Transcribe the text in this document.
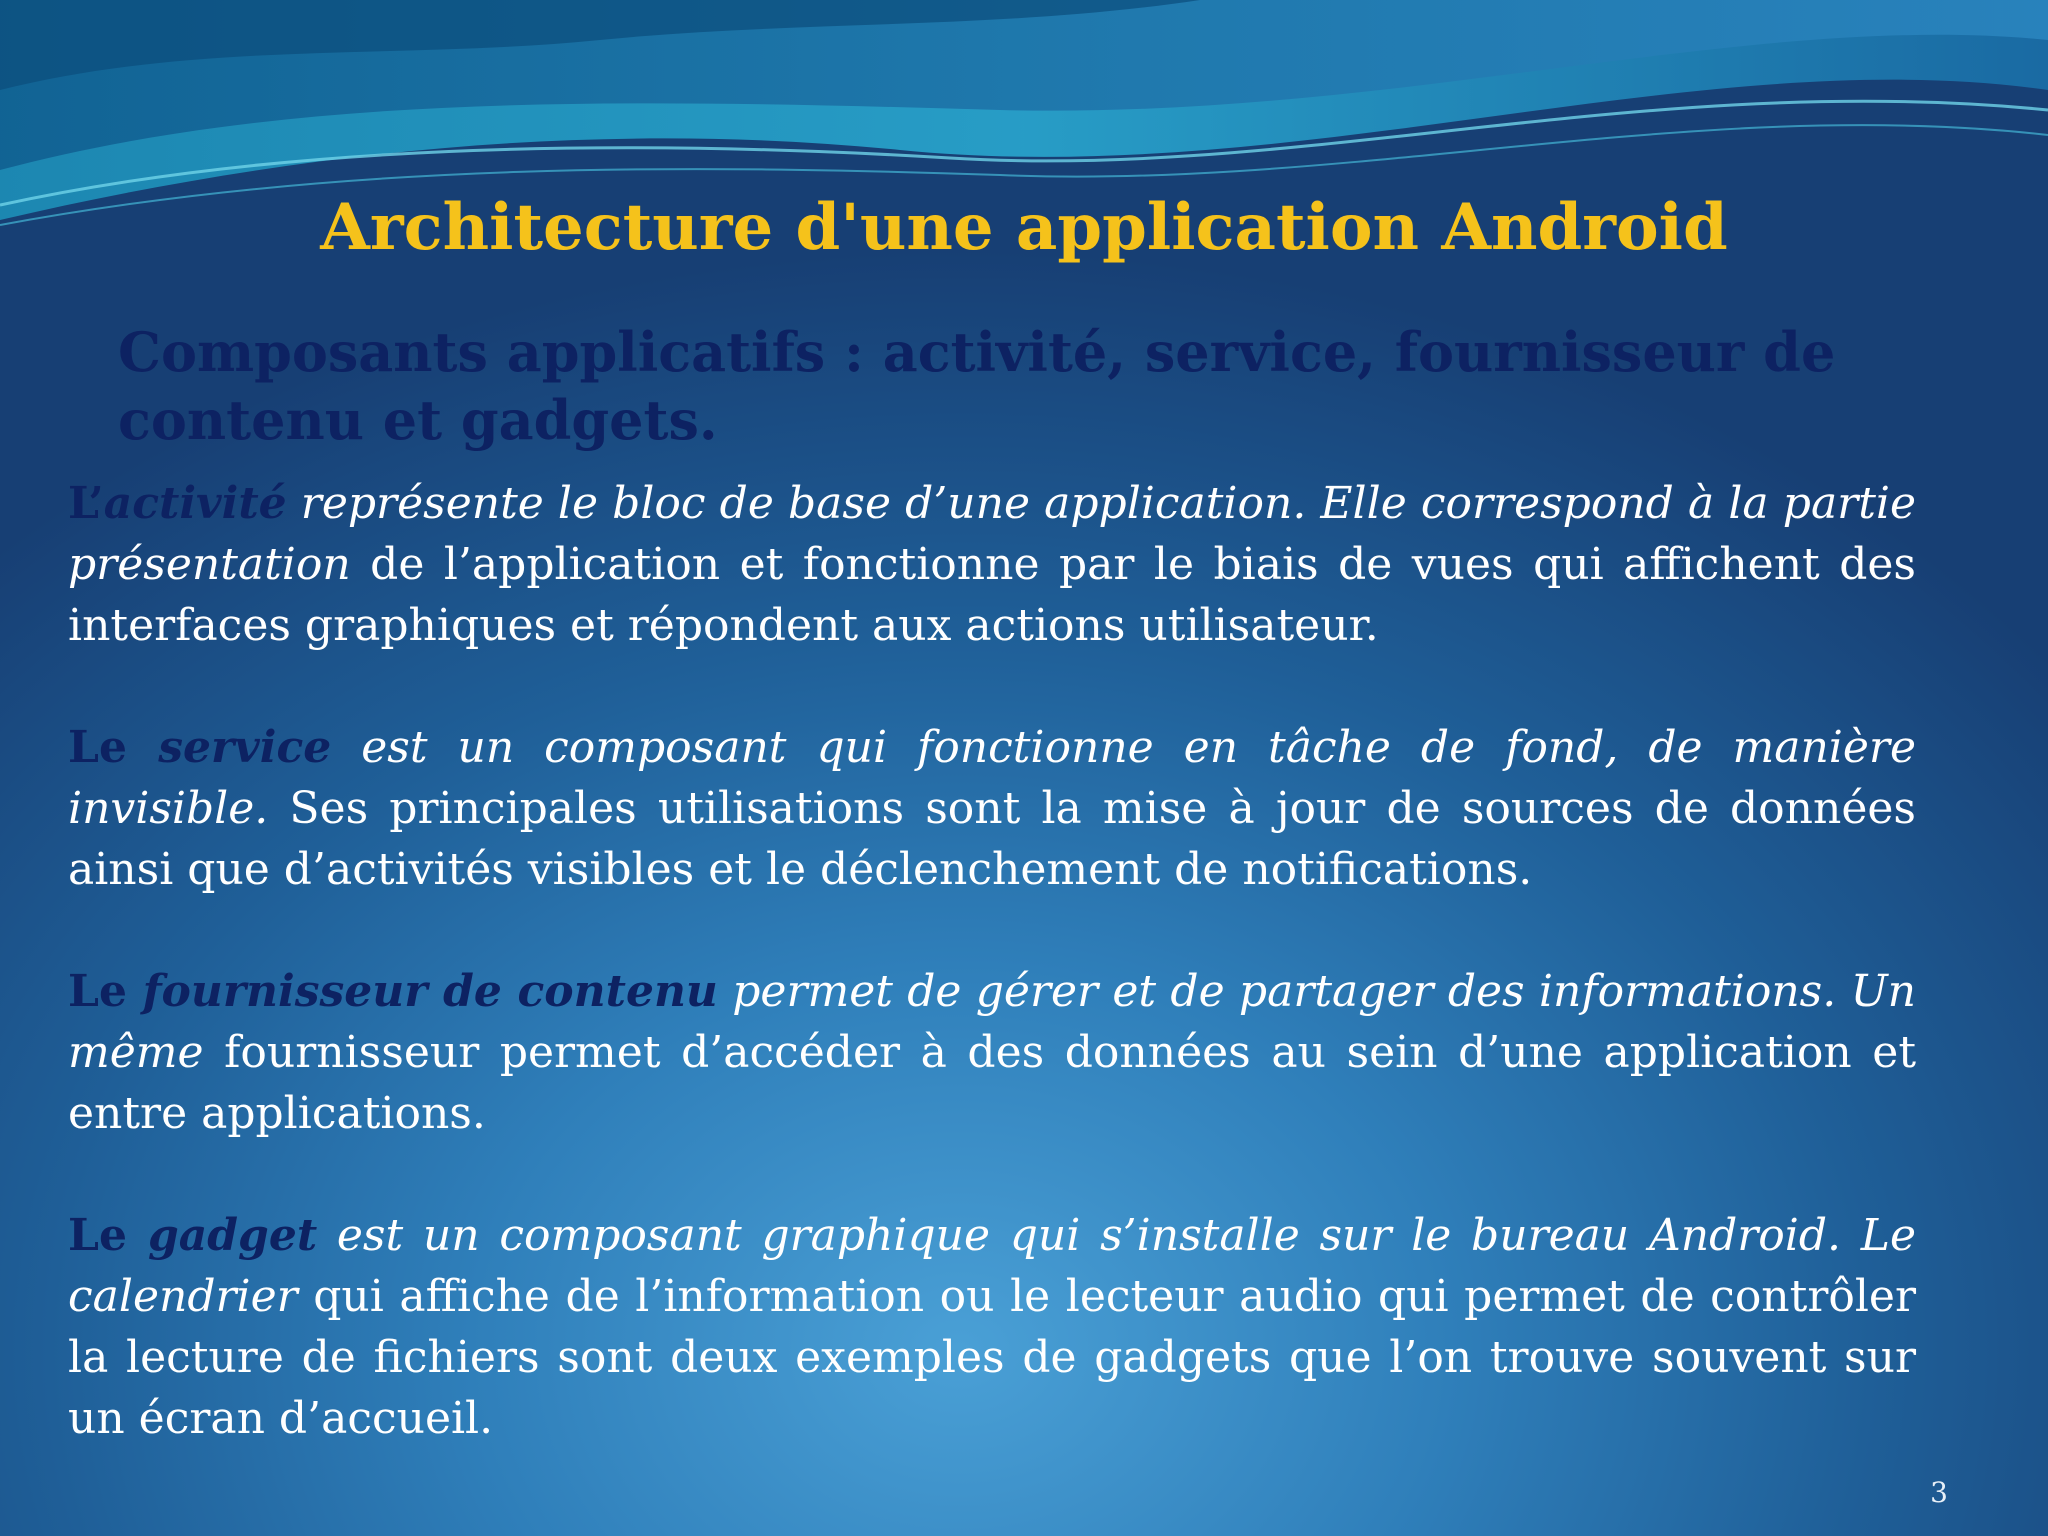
Architecture d'une application Android
Composants applicatifs : activité, service, fournisseur de contenu et gadgets.

L’activité représente le bloc de base d’une application. Elle correspond à la partie présentation de l’application et fonctionne par le biais de vues qui affichent des interfaces graphiques et répondent aux actions utilisateur.

Le service est un composant qui fonctionne en tâche de fond, de manière invisible. Ses principales utilisations sont la mise à jour de sources de données ainsi que d’activités visibles et le déclenchement de notifications.

Le fournisseur de contenu permet de gérer et de partager des informations. Un même fournisseur permet d’accéder à des données au sein d’une application et entre applications.

Le gadget est un composant graphique qui s’installe sur le bureau Android. Le calendrier qui affiche de l’information ou le lecteur audio qui permet de contrôler la lecture de fichiers sont deux exemples de gadgets que l’on trouve souvent sur un écran d’accueil.

3
